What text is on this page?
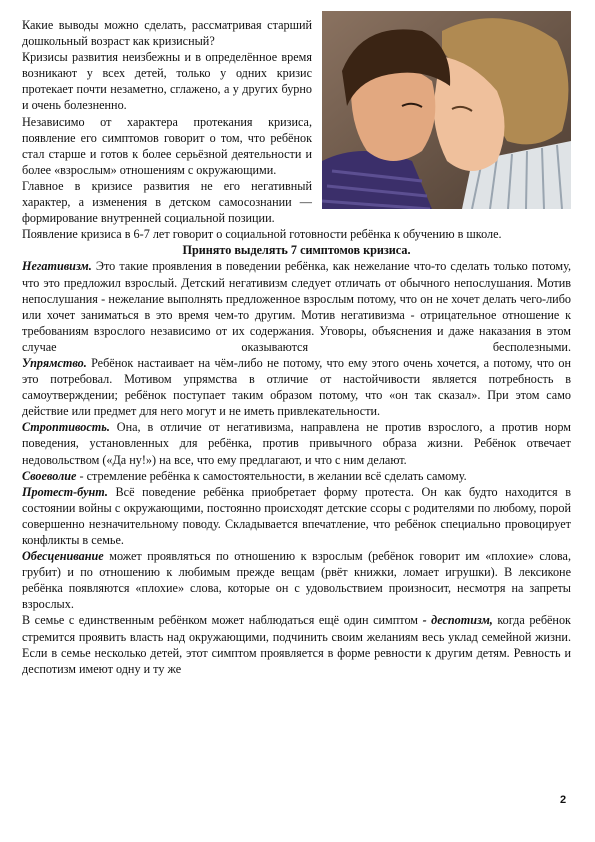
Какие выводы можно сделать, рассматривая старший дошкольный возраст как кризисный?

Кризисы развития неизбежны и в определённое время возникают у всех детей, только у одних кризис протекает почти незаметно, сглажено, а у других бурно и очень болезненно.

Независимо от характера протекания кризиса, появление его симптомов говорит о том, что ребёнок стал старше и готов к более серьёзной деятельности и более «взрослым» отношениям с окружающими.

Главное в кризисе развития не его негативный характер, а изменения в детском самосознании — формирование внутренней социальной позиции.

Появление кризиса в 6-7 лет говорит о социальной готовности ребёнка к обучению в школе.

Принято выделять 7 симптомов кризиса.

Негативизм. Это такие проявления в поведении ребёнка, как нежелание что-то сделать только потому, что это предложил взрослый. Детский негативизм следует отличать от обычного непослушания. Мотив непослушания - нежелание выполнять предложенное взрослым потому, что он не хочет делать чего-либо или хочет заниматься в это время чем-то другим. Мотив негативизма - отрицательное отношение к требованиям взрослого независимо от их содержания. Уговоры, объяснения и даже наказания в этом случае оказываются бесполезными.

Упрямство. Ребёнок настаивает на чём-либо не потому, что ему этого очень хочется, а потому, что он это потребовал. Мотивом упрямства в отличие от настойчивости является потребность в самоутверждении; ребёнок поступает таким образом потому, что «он так сказал». При этом само действие или предмет для него могут и не иметь привлекательности.

Строптивость. Она, в отличие от негативизма, направлена не против взрослого, а против норм поведения, установленных для ребёнка, против привычного образа жизни. Ребёнок отвечает недовольством («Да ну!») на все, что ему предлагают, и что с ним делают.

Своеволие - стремление ребёнка к самостоятельности, в желании всё сделать самому.

Протест-бунт. Всё поведение ребёнка приобретает форму протеста. Он как будто находится в состоянии войны с окружающими, постоянно происходят детские ссоры с родителями по любому, порой совершенно незначительному поводу. Складывается впечатление, что ребёнок специально провоцирует конфликты в семье.

Обесценивание может проявляться по отношению к взрослым (ребёнок говорит им «плохие» слова, грубит) и по отношению к любимым прежде вещам (рвёт книжки, ломает игрушки). В лексиконе ребёнка появляются «плохие» слова, которые он с удовольствием произносит, несмотря на запреты взрослых.

В семье с единственным ребёнком может наблюдаться ещё один симптом - деспотизм, когда ребёнок стремится проявить власть над окружающими, подчинить своим желаниям весь уклад семейной жизни. Если в семье несколько детей, этот симптом проявляется в форме ревности к другим детям. Ревность и деспотизм имеют одну и ту же

2
